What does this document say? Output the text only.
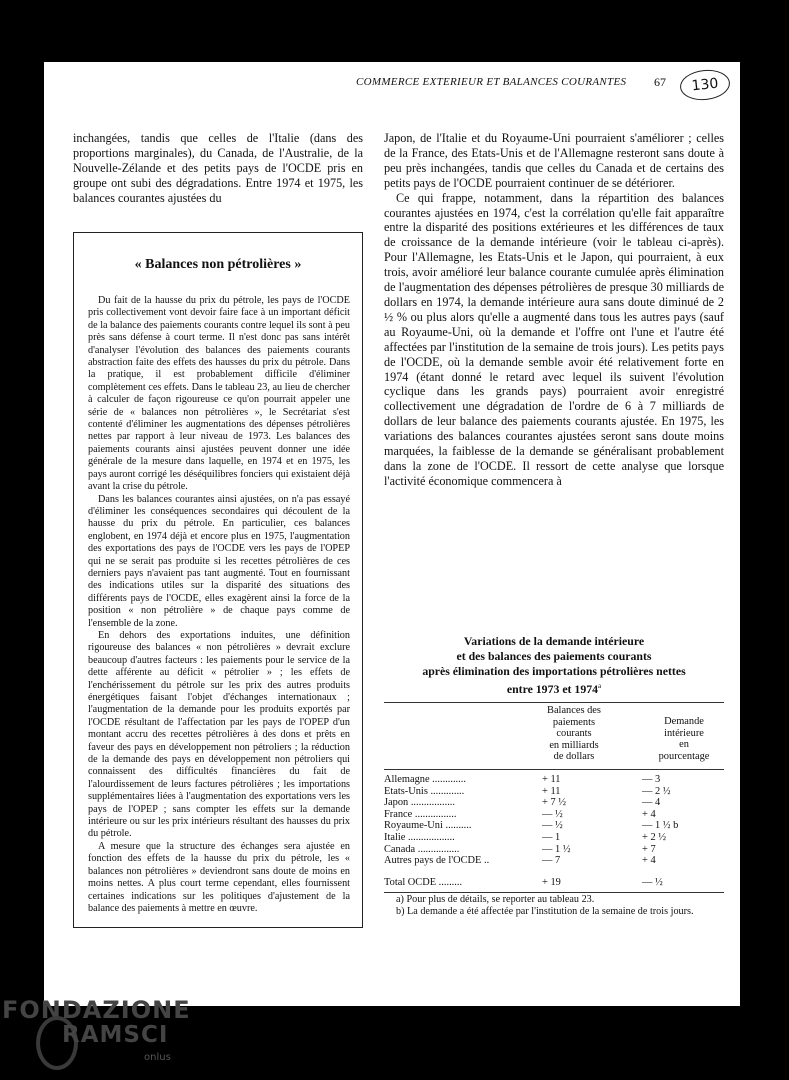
COMMERCE EXTERIEUR ET BALANCES COURANTES	67	130

inchangées, tandis que celles de l'Italie (dans des proportions marginales), du Canada, de l'Australie, de la Nouvelle-Zélande et des petits pays de l'OCDE pris en groupe ont subi des dégradations. Entre 1974 et 1975, les balances courantes ajustées du

« Balances non pétrolières »

Du fait de la hausse du prix du pétrole, les pays de l'OCDE pris collectivement vont devoir faire face à un important déficit de la balance des paiements courants contre lequel ils sont à peu près sans défense à court terme. Il n'est donc pas sans intérêt d'analyser l'évolution des balances des paiements courants abstraction faite des effets des hausses du prix du pétrole. Dans la pratique, il est probablement difficile d'éliminer complètement ces effets. Dans le tableau 23, au lieu de chercher à calculer de façon rigoureuse ce qu'on pourrait appeler une série de « balances non pétrolières », le Secrétariat s'est contenté d'éliminer les augmentations des dépenses pétrolières nettes par rapport à leur niveau de 1973. Les balances des paiements courants ainsi ajustées peuvent donner une idée générale de la mesure dans laquelle, en 1974 et en 1975, les pays auront corrigé les déséquilibres fonciers qui existaient déjà avant la crise du pétrole.

Dans les balances courantes ainsi ajustées, on n'a pas essayé d'éliminer les conséquences secondaires qui découlent de la hausse du prix du pétrole. En particulier, ces balances englobent, en 1974 déjà et encore plus en 1975, l'augmentation des exportations des pays de l'OCDE vers les pays de l'OPEP qui ne se serait pas produite si les recettes pétrolières de ces derniers pays n'avaient pas tant augmenté. Tout en fournissant des indications utiles sur la disparité des situations des différents pays de l'OCDE, elles exagèrent ainsi la force de la position « non pétrolière » de chaque pays comme de l'ensemble de la zone.

En dehors des exportations induites, une définition rigoureuse des balances « non pétrolières » devrait exclure beaucoup d'autres facteurs : les paiements pour le service de la dette afférente au déficit « pétrolier » ; les effets de l'enchérissement du pétrole sur les prix des autres produits énergétiques faisant l'objet d'échanges internationaux ; l'augmentation de la demande pour les produits exportés par l'OCDE résultant de l'affectation par les pays de l'OPEP d'un montant accru des recettes pétrolières à des dons et prêts en faveur des pays en développement non pétroliers ; la réduction de la demande des pays en développement non pétroliers qui connaissent des difficultés financières du fait de l'alourdissement de leurs factures pétrolières ; les importations supplémentaires liées à l'augmentation des exportations vers les pays de l'OPEP ; sans compter les effets sur la demande intérieure ou sur les prix intérieurs résultant des hausses du prix du pétrole.

A mesure que la structure des échanges sera ajustée en fonction des effets de la hausse du prix du pétrole, les « balances non pétrolières » deviendront sans doute de moins en moins nettes. A plus court terme cependant, elles fournissent certaines indications sur les politiques d'ajustement de la balance des paiements à mettre en œuvre.

Japon, de l'Italie et du Royaume-Uni pourraient s'améliorer ; celles de la France, des Etats-Unis et de l'Allemagne resteront sans doute à peu près inchangées, tandis que celles du Canada et de certains des petits pays de l'OCDE pourraient continuer de se détériorer.

Ce qui frappe, notamment, dans la répartition des balances courantes ajustées en 1974, c'est la corrélation qu'elle fait apparaître entre la disparité des positions extérieures et les différences de taux de croissance de la demande intérieure (voir le tableau ci-après). Pour l'Allemagne, les Etats-Unis et le Japon, qui pourraient, à eux trois, avoir amélioré leur balance courante cumulée après élimination de l'augmentation des dépenses pétrolières de presque 30 milliards de dollars en 1974, la demande intérieure aura sans doute diminué de 2 ½ % ou plus alors qu'elle a augmenté dans tous les autres pays (sauf au Royaume-Uni, où la demande et l'offre ont l'une et l'autre été affectées par l'institution de la semaine de trois jours). Les petits pays de l'OCDE, où la demande semble avoir été relativement forte en 1974 (étant donné le retard avec lequel ils suivent l'évolution cyclique dans les grands pays) pourraient avoir enregistré collectivement une dégradation de l'ordre de 6 à 7 milliards de dollars de leur balance des paiements courants ajustée. En 1975, les variations des balances courantes ajustées seront sans doute moins marquées, la faiblesse de la demande se généralisant probablement dans la zone de l'OCDE. Il ressort de cette analyse que lorsque l'activité économique commencera à

Variations de la demande intérieure
et des balances des paiements courants
après élimination des importations pétrolières nettes
entre 1973 et 1974$^a$
Balances des
paiements
courants
en milliards
de dollars
Demande
intérieure
en
pourcentage
Allemagne .............	+ 11	— 3
Etats-Unis .............	+ 11	— 2 ½
Japon .................	+ 7 ½	— 4
France ................	— ½	+ 4
Royaume-Uni ..........	— ½	— 1 ½ b
Italie ..................	— 1	+ 2 ½
Canada ................	— 1 ½	+ 7
Autres pays de l'OCDE ..	— 7	+ 4
Total OCDE .........	+ 19	— ½

a) Pour plus de détails, se reporter au tableau 23.

b) La demande a été affectée par l'institution de la semaine de trois jours.

FONDAZIONE
RAMSCI
onlus
